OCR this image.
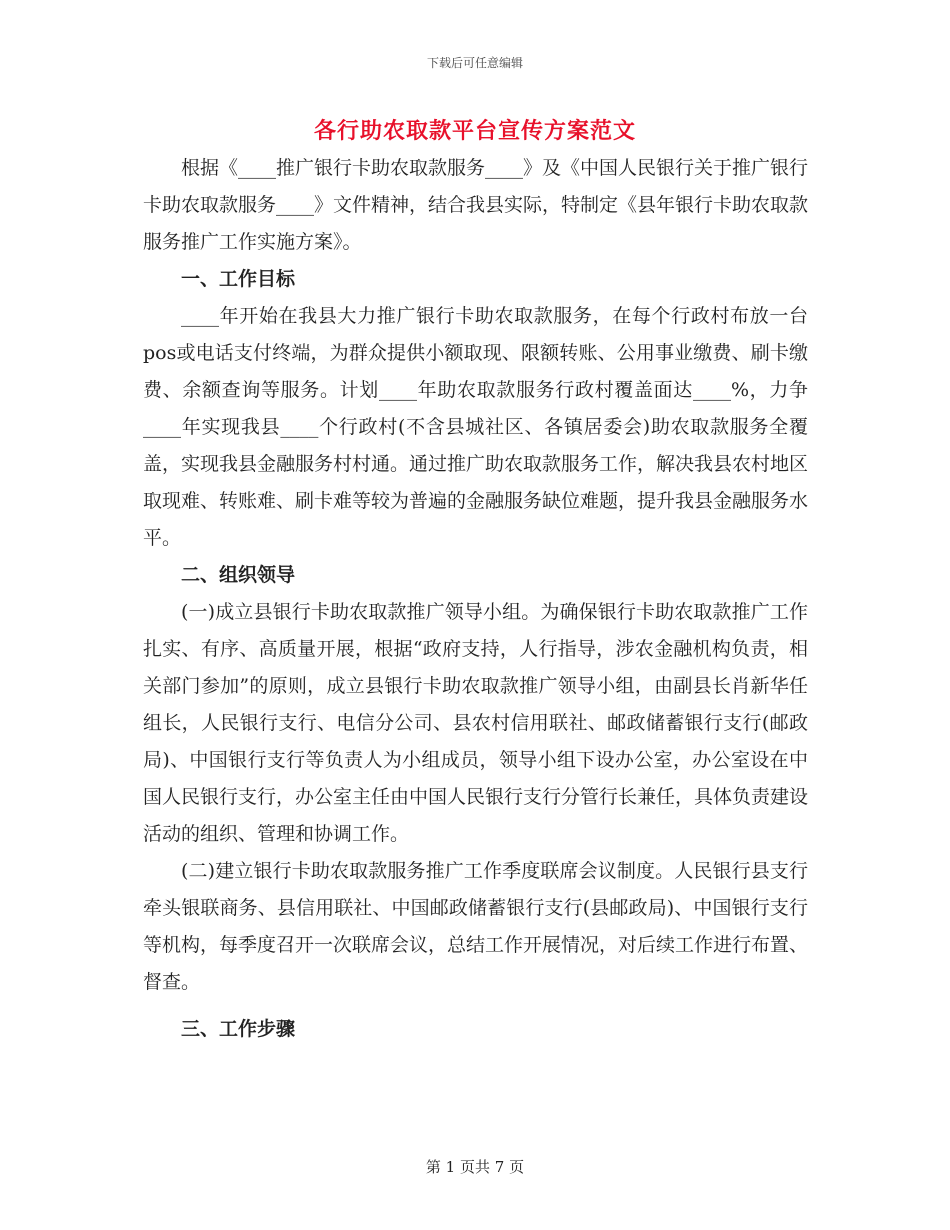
下载后可任意编辑
各行助农取款平台宣传方案范文

根据《____推广银行卡助农取款服务____》及《中国人民银行关于推广银行卡助农取款服务____》文件精神，结合我县实际，特制定《县年银行卡助农取款服务推广工作实施方案》。

一、工作目标

____年开始在我县大力推广银行卡助农取款服务，在每个行政村布放一台pos或电话支付终端，为群众提供小额取现、限额转账、公用事业缴费、刷卡缴费、余额查询等服务。计划____年助农取款服务行政村覆盖面达____%，力争____年实现我县____个行政村(不含县城社区、各镇居委会)助农取款服务全覆盖，实现我县金融服务村村通。通过推广助农取款服务工作，解决我县农村地区取现难、转账难、刷卡难等较为普遍的金融服务缺位难题，提升我县金融服务水平。

二、组织领导

(一)成立县银行卡助农取款推广领导小组。为确保银行卡助农取款推广工作扎实、有序、高质量开展，根据“政府支持，人行指导，涉农金融机构负责，相关部门参加”的原则，成立县银行卡助农取款推广领导小组，由副县长肖新华任组长，人民银行支行、电信分公司、县农村信用联社、邮政储蓄银行支行(邮政局)、中国银行支行等负责人为小组成员，领导小组下设办公室，办公室设在中国人民银行支行，办公室主任由中国人民银行支行分管行长兼任，具体负责建设活动的组织、管理和协调工作。

(二)建立银行卡助农取款服务推广工作季度联席会议制度。人民银行县支行牵头银联商务、县信用联社、中国邮政储蓄银行支行(县邮政局)、中国银行支行等机构，每季度召开一次联席会议，总结工作开展情况，对后续工作进行布置、督查。

三、工作步骤
第 1 页共 7 页
